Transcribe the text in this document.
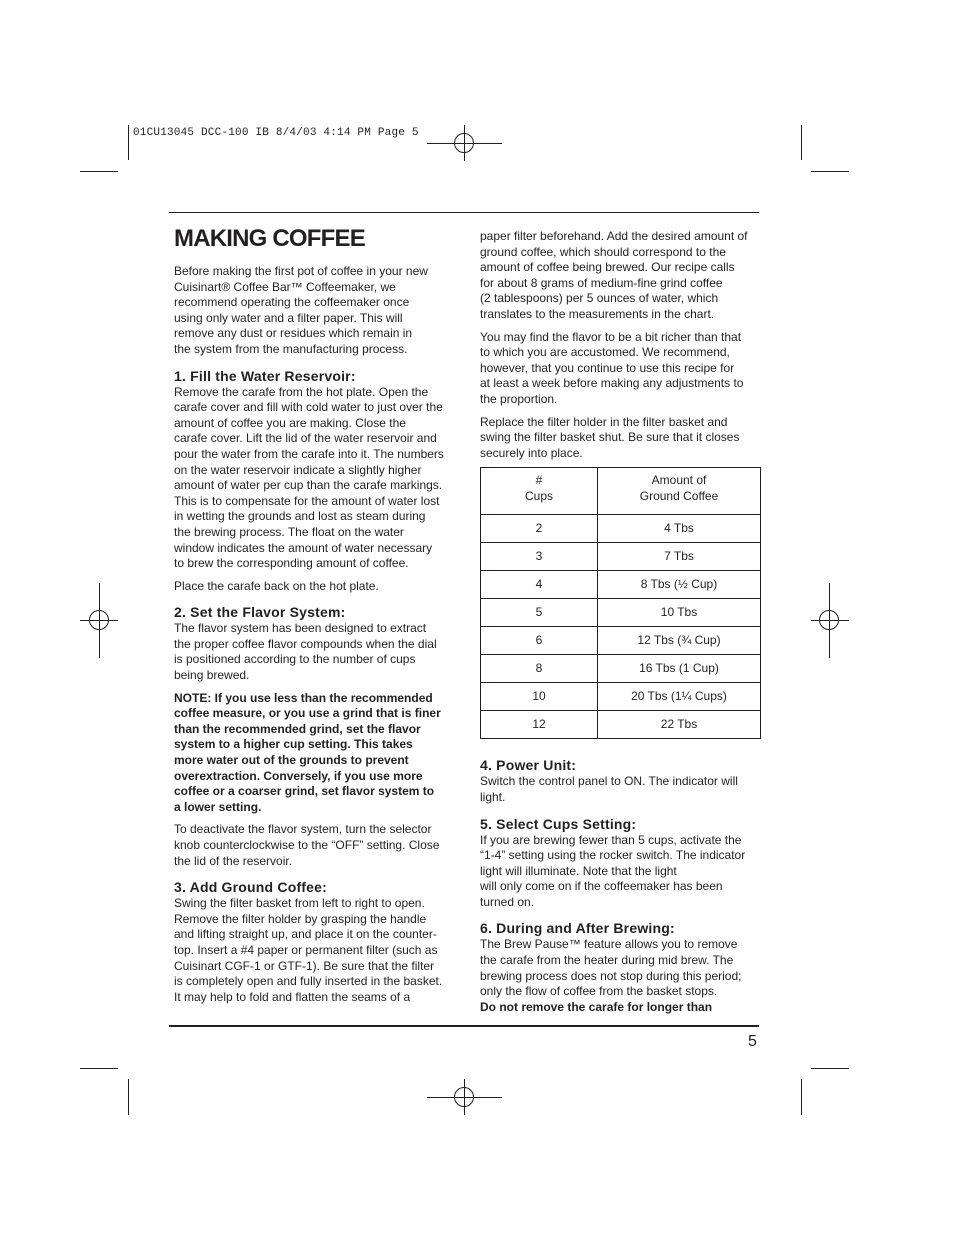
01CU13045 DCC-100 IB 8/4/03 4:14 PM Page 5
MAKING COFFEE

Before making the first pot of coffee in your new
Cuisinart® Coffee Bar™ Coffeemaker, we
recommend operating the coffeemaker once
using only water and a filter paper. This will
remove any dust or residues which remain in
the system from the manufacturing process.

1. Fill the Water Reservoir:

Remove the carafe from the hot plate. Open the
carafe cover and fill with cold water to just over the
amount of coffee you are making. Close the
carafe cover. Lift the lid of the water reservoir and
pour the water from the carafe into it. The numbers
on the water reservoir indicate a slightly higher
amount of water per cup than the carafe markings.
This is to compensate for the amount of water lost
in wetting the grounds and lost as steam during
the brewing process. The float on the water
window indicates the amount of water necessary
to brew the corresponding amount of coffee.

Place the carafe back on the hot plate.

2. Set the Flavor System:

The flavor system has been designed to extract
the proper coffee flavor compounds when the dial
is positioned according to the number of cups
being brewed.

NOTE: If you use less than the recommended
coffee measure, or you use a grind that is finer
than the recommended grind, set the flavor
system to a higher cup setting. This takes
more water out of the grounds to prevent
overextraction. Conversely, if you use more
coffee or a coarser grind, set flavor system to
a lower setting.

To deactivate the flavor system, turn the selector
knob counterclockwise to the “OFF” setting. Close
the lid of the reservoir.

3. Add Ground Coffee:

Swing the filter basket from left to right to open.
Remove the filter holder by grasping the handle
and lifting straight up, and place it on the counter-
top. Insert a #4 paper or permanent filter (such as
Cuisinart CGF-1 or GTF-1). Be sure that the filter
is completely open and fully inserted in the basket.
It may help to fold and flatten the seams of a

paper filter beforehand. Add the desired amount of
ground coffee, which should correspond to the
amount of coffee being brewed. Our recipe calls
for about 8 grams of medium-fine grind coffee
(2 tablespoons) per 5 ounces of water, which
translates to the measurements in the chart.

You may find the flavor to be a bit richer than that
to which you are accustomed. We recommend,
however, that you continue to use this recipe for
at least a week before making any adjustments to
the proportion.

Replace the filter holder in the filter basket and
swing the filter basket shut. Be sure that it closes
securely into place.

#
Cups	Amount of
Ground Coffee

2	4 Tbs
3	7 Tbs
4	8 Tbs (½ Cup)
5	10 Tbs
6	12 Tbs (¾ Cup)
8	16 Tbs (1 Cup)
10	20 Tbs (1¼ Cups)
12	22 Tbs
4. Power Unit:

Switch the control panel to ON. The indicator will
light.

5. Select Cups Setting:

If you are brewing fewer than 5 cups, activate the
“1-4” setting using the rocker switch. The indicator
light will illuminate. Note that the light
will only come on if the coffeemaker has been
turned on.

6. During and After Brewing:

The Brew Pause™ feature allows you to remove
the carafe from the heater during mid brew. The
brewing process does not stop during this period;
only the flow of coffee from the basket stops.
Do not remove the carafe for longer than

5
